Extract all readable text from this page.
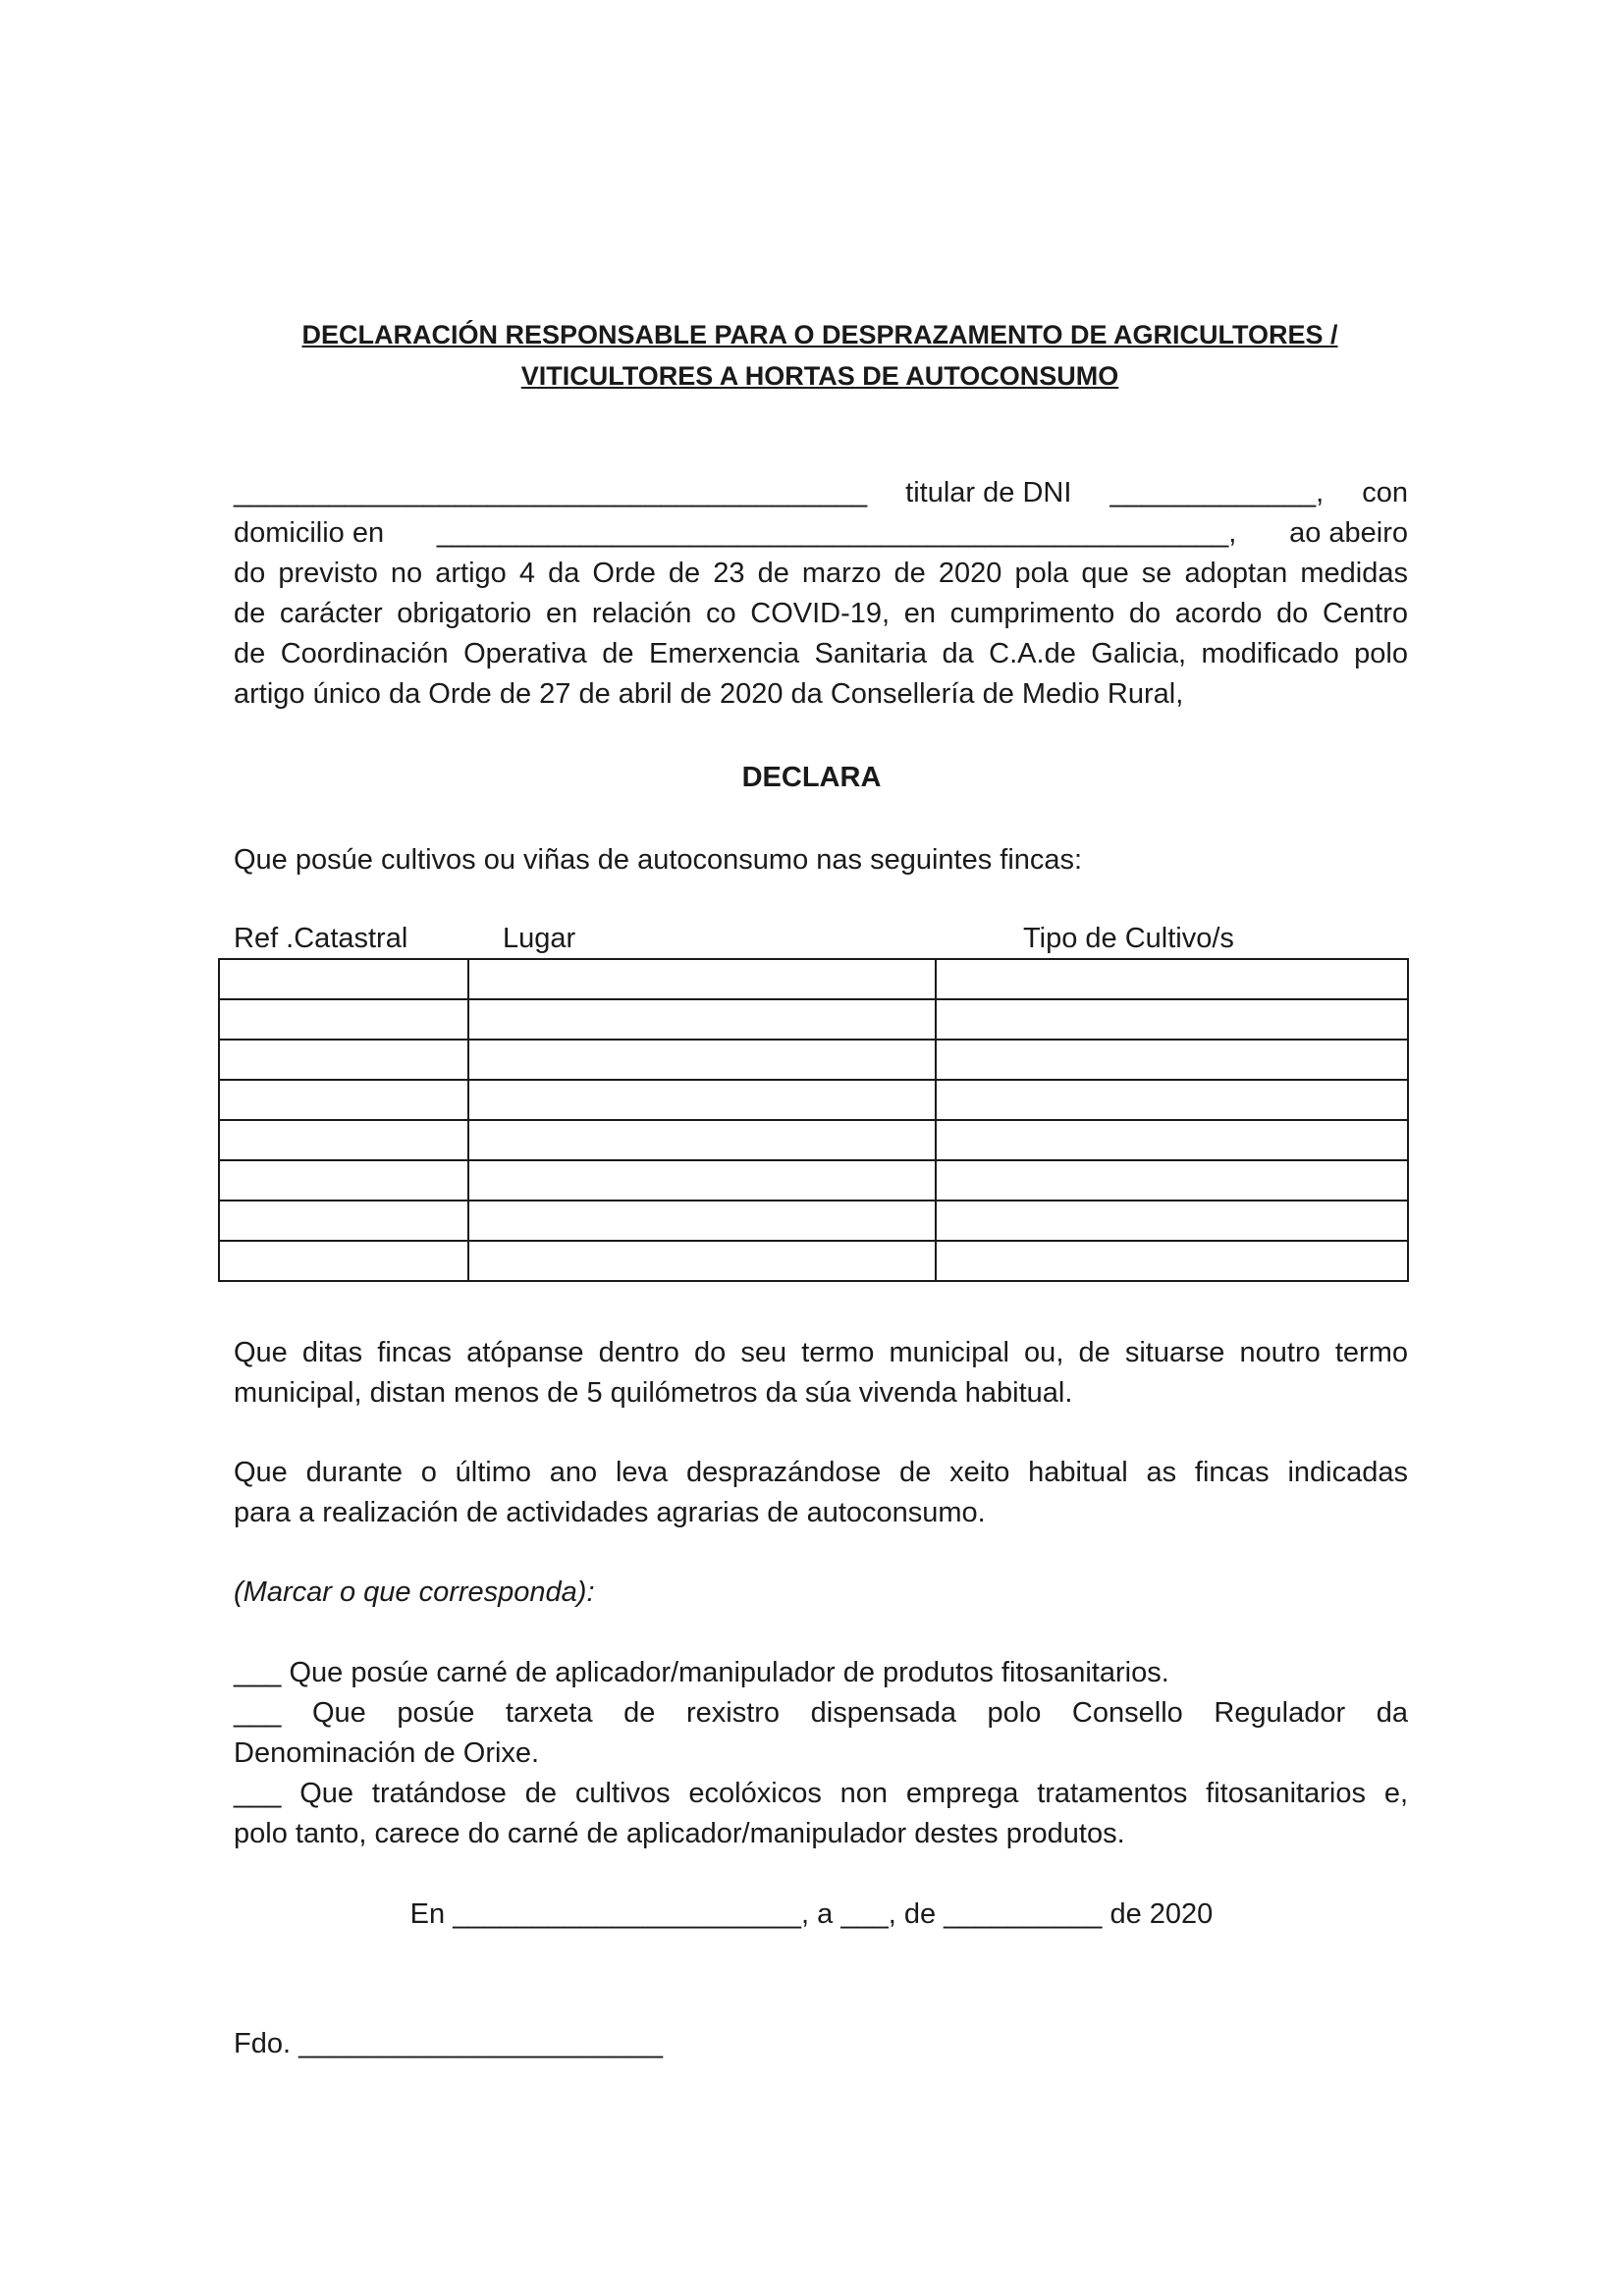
DECLARACIÓN RESPONSABLE PARA O DESPRAZAMENTO DE AGRICULTORES /
VITICULTORES A HORTAS DE AUTOCONSUMO
________________________________________ titular de DNI _____________, con
domicilio en __________________________________________________, ao abeiro
do previsto no artigo 4 da Orde de 23 de marzo de 2020 pola que se adoptan medidas
de carácter obrigatorio en relación co COVID-19, en cumprimento do acordo do Centro
de Coordinación Operativa de Emerxencia Sanitaria da C.A.de Galicia, modificado polo
artigo único da Orde de 27 de abril de 2020 da Consellería de Medio Rural,
DECLARA
Que posúe cultivos ou viñas de autoconsumo nas seguintes fincas:
Ref .Catastral	Lugar	Tipo de Cultivo/s

Que ditas fincas atópanse dentro do seu termo municipal ou, de situarse noutro termo
municipal, distan menos de 5 quilómetros da súa vivenda habitual.
Que durante o último ano leva desprazándose de xeito habitual as fincas indicadas
para a realización de actividades agrarias de autoconsumo.
(Marcar o que corresponda):
___ Que posúe carné de aplicador/manipulador de produtos fitosanitarios.
___ Que posúe tarxeta de rexistro dispensada polo Consello Regulador da
Denominación de Orixe.
___ Que tratándose de cultivos ecolóxicos non emprega tratamentos fitosanitarios e,
polo tanto, carece do carné de aplicador/manipulador destes produtos.
En ______________________, a ___, de __________ de 2020
Fdo. _______________________
